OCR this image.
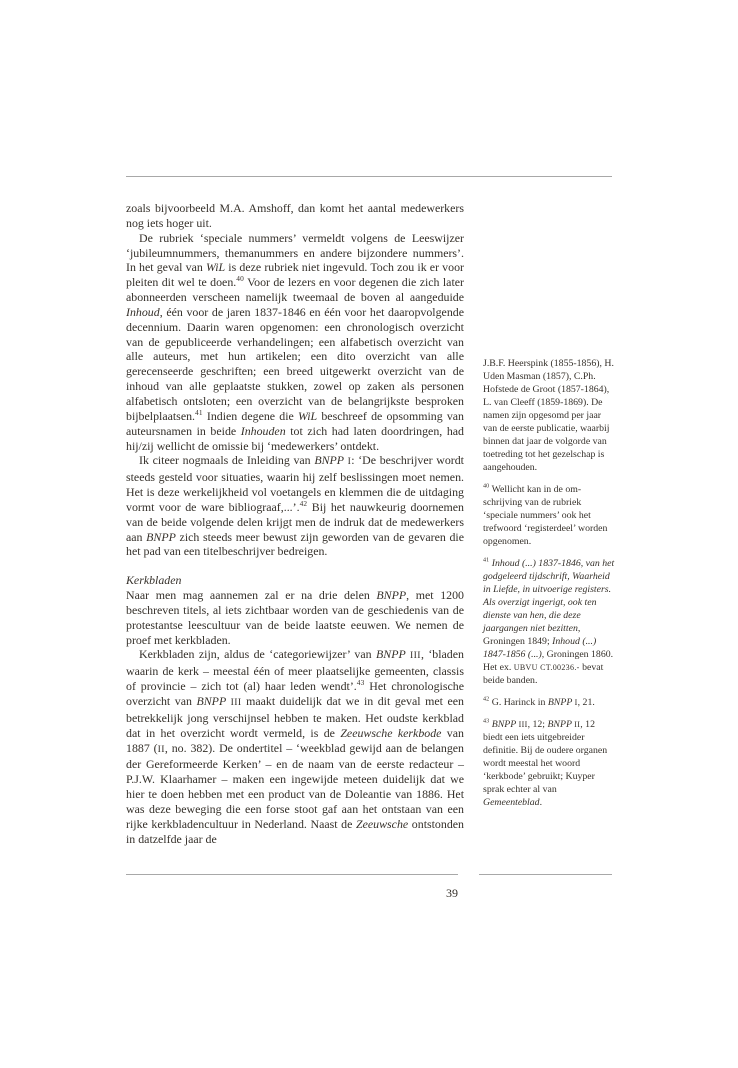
zoals bijvoorbeeld M.A. Amshoff, dan komt het aantal medewerkers nog iets hoger uit.

De rubriek ‘speciale nummers’ vermeldt volgens de Leeswijzer ‘jubileumnummers, themanummers en andere bijzondere nummers’. In het geval van WiL is deze rubriek niet ingevuld. Toch zou ik er voor pleiten dit wel te doen.$^{40}$ Voor de lezers en voor degenen die zich later abonneerden verscheen namelijk tweemaal de boven al aangeduide Inhoud, één voor de jaren 1837-1846 en één voor het daaropvolgende decennium. Daarin waren opgenomen: een chronologisch overzicht van de gepubliceerde verhandelingen; een alfabetisch overzicht van alle auteurs, met hun artikelen; een dito overzicht van alle gerecenseerde geschriften; een breed uitgewerkt overzicht van de inhoud van alle geplaatste stukken, zowel op zaken als personen alfabetisch ontsloten; een overzicht van de belangrijkste besproken bijbelplaatsen.$^{41}$ Indien degene die WiL beschreef de opsomming van auteursnamen in beide Inhouden tot zich had laten doordringen, had hij/zij wellicht de omissie bij ‘medewerkers’ ontdekt.

Ik citeer nogmaals de Inleiding van BNPP I: ‘De beschrijver wordt steeds gesteld voor situaties, waarin hij zelf beslissingen moet nemen. Het is deze werkelijkheid vol voetangels en klemmen die de uitdaging vormt voor de ware bibliograaf,...’.$^{42}$ Bij het nauwkeurig doornemen van de beide volgende delen krijgt men de indruk dat de medewerkers aan BNPP zich steeds meer bewust zijn geworden van de gevaren die het pad van een titelbeschrijver bedreigen.

Kerkbladen

Naar men mag aannemen zal er na drie delen BNPP, met 1200 beschreven titels, al iets zichtbaar worden van de geschiedenis van de protestantse leescultuur van de beide laatste eeuwen. We nemen de proef met kerkbladen.

Kerkbladen zijn, aldus de ‘categoriewijzer’ van BNPP III, ‘bladen waarin de kerk – meestal één of meer plaatselijke gemeenten, classis of provincie – zich tot (al) haar leden wendt’.$^{43}$ Het chronologische overzicht van BNPP III maakt duidelijk dat we in dit geval met een betrekkelijk jong verschijnsel hebben te maken. Het oudste kerkblad dat in het overzicht wordt vermeld, is de Zeeuwsche kerkbode van 1887 (II, no. 382). De ondertitel – ‘weekblad gewijd aan de belangen der Gereformeerde Kerken’ – en de naam van de eerste redacteur – P.J.W. Klaarhamer – maken een ingewijde meteen duidelijk dat we hier te doen hebben met een product van de Doleantie van 1886. Het was deze beweging die een forse stoot gaf aan het ontstaan van een rijke kerkbladencultuur in Nederland. Naast de Zeeuwsche ontstonden in datzelfde jaar de

J.B.F. Heerspink (1855-1856), H. Uden Masman (1857), C.Ph. Hofstede de Groot (1857-1864), L. van Cleeff (1859-1869). De namen zijn opgesomd per jaar van de eerste publicatie, waarbij binnen dat jaar de volgorde van toetreding tot het gezelschap is aangehouden.

$^{40}$ Wellicht kan in de omschrijving van de rubriek ‘speciale nummers’ ook het trefwoord ‘registerdeel’ worden opgenomen.

$^{41}$ Inhoud (...) 1837-1846, van het godgeleerd tijdschrift, Waarheid in Liefde, in uitvoerige registers. Als overzigt ingerigt, ook ten dienste van hen, die deze jaargangen niet bezitten, Groningen 1849; Inhoud (...) 1847-1856 (...), Groningen 1860. Het ex. UBVU CT.00236.- bevat beide banden.

$^{42}$ G. Harinck in BNPP I, 21.

$^{43}$ BNPP III, 12; BNPP II, 12 biedt een iets uitgebreider definitie. Bij de oudere organen wordt meestal het woord ‘kerkbode’ gebruikt; Kuyper sprak echter al van Gemeenteblad.

39
